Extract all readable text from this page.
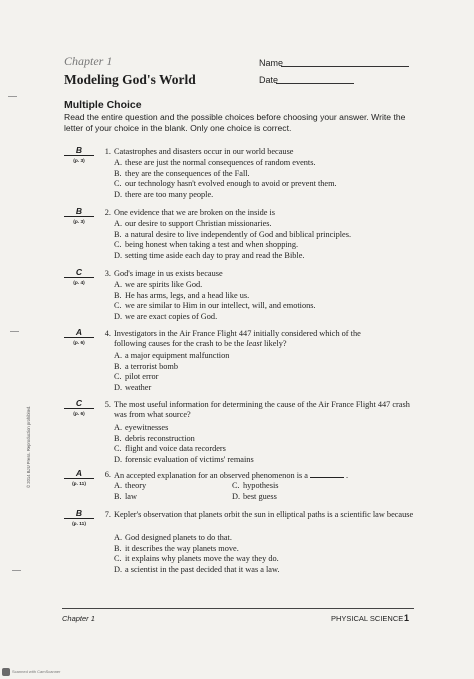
Chapter 1
Modeling God's World
Name
Date
Multiple Choice
Read the entire question and the possible choices before choosing your answer. Write the letter of your choice in the blank. Only one choice is correct.
B
(p. 3)
1. Catastrophes and disasters occur in our world because
A. these are just the normal consequences of random events.
B. they are the consequences of the Fall.
C. our technology hasn't evolved enough to avoid or prevent them.
D. there are too many people.
B
(p. 3)
2. One evidence that we are broken on the inside is
A. our desire to support Christian missionaries.
B. a natural desire to live independently of God and biblical principles.
C. being honest when taking a test and when shopping.
D. setting time aside each day to pray and read the Bible.
C
(p. 4)
3. God's image in us exists because
A. we are spirits like God.
B. He has arms, legs, and a head like us.
C. we are similar to Him in our intellect, will, and emotions.
D. we are exact copies of God.
A
(p. 6)
4. Investigators in the Air France Flight 447 initially considered which of the
following causes for the crash to be the least likely?
A. a major equipment malfunction
B. a terrorist bomb
C. pilot error
D. weather
C
(p. 6)
5. The most useful information for determining the cause of the Air France Flight 447 crash was from what source?
A. eyewitnesses
B. debris reconstruction
C. flight and voice data recorders
D. forensic evaluation of victims' remains
A
(p. 11)
6. An accepted explanation for an observed phenomenon is a	.
A. theory
B. law
C. hypothesis
D. best guess
B
(p. 11)
7. Kepler's observation that planets orbit the sun in elliptical paths is a scientific law because
A. God designed planets to do that.
B. it describes the way planets move.
C. it explains why planets move the way they do.
D. a scientist in the past decided that it was a law.
© 2014 BJU Press. Reproduction prohibited.
Chapter 1	PHYSICAL SCIENCE 1
Scanned with CamScanner
